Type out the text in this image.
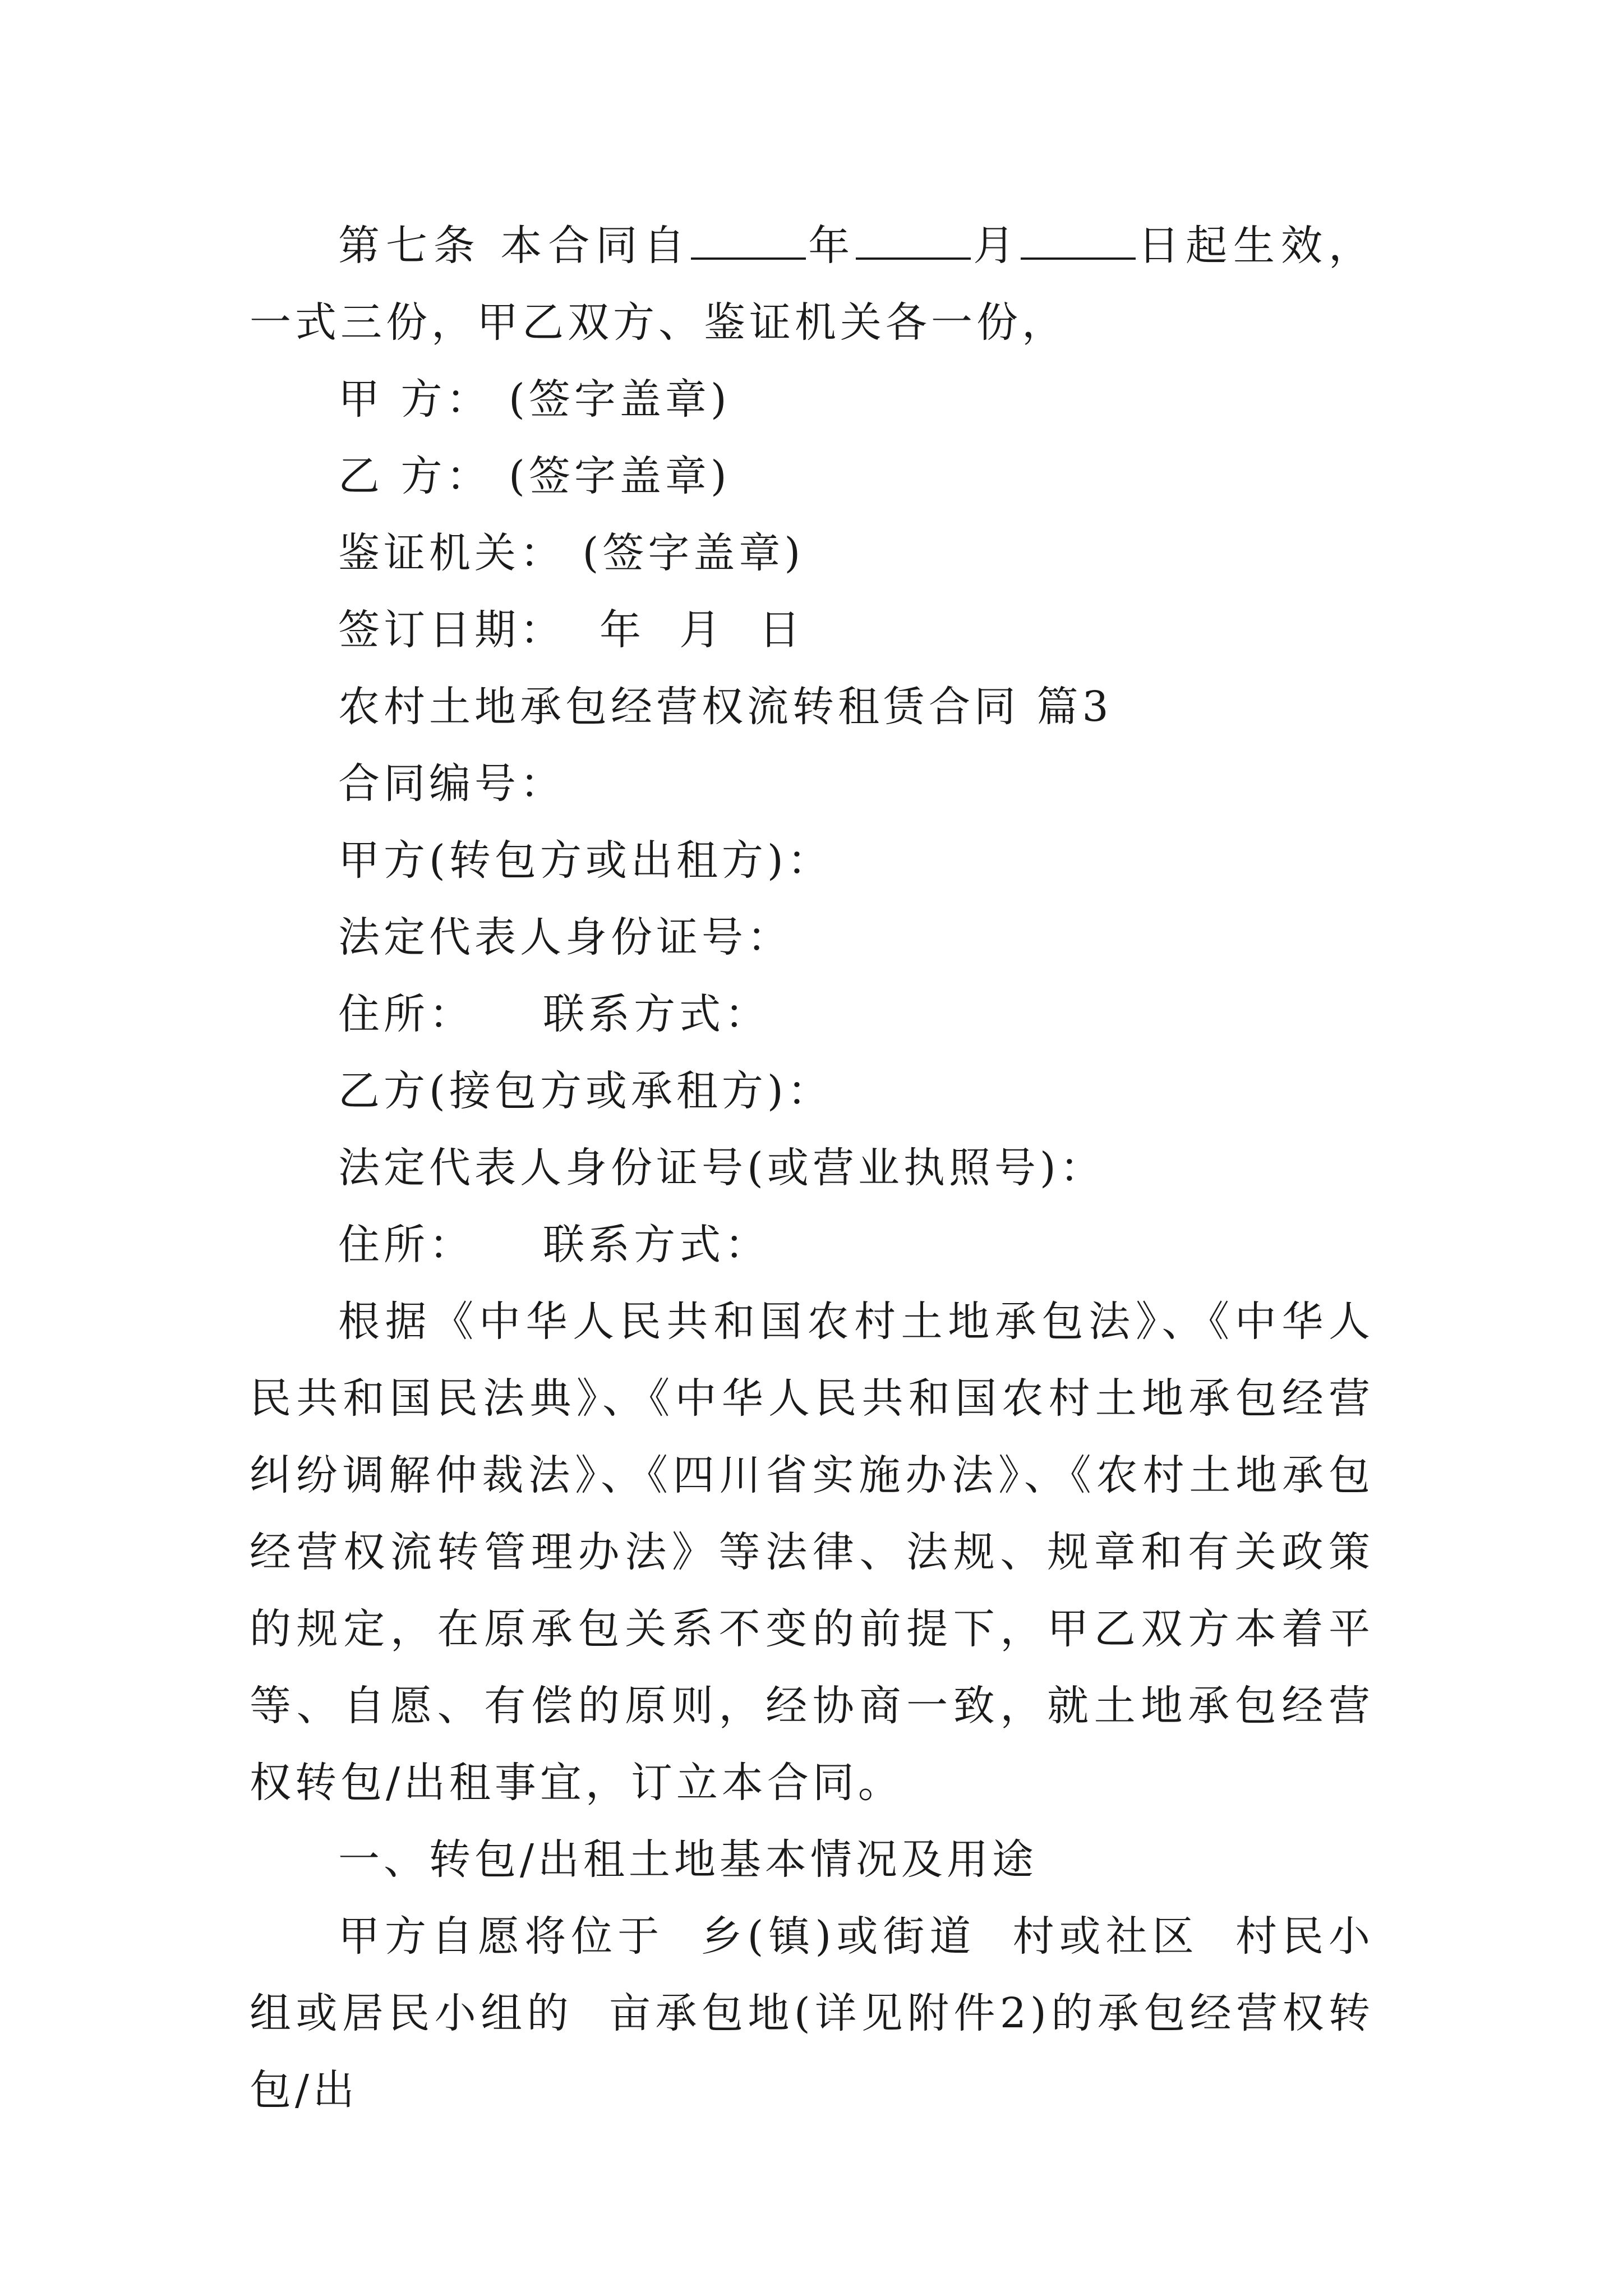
第七条 本合同自	年	月	日起生效，一式三份，甲乙双方、鉴证机关各一份，

甲 方： (签字盖章)

乙 方： (签字盖章)

鉴证机关： (签字盖章)

签订日期：  年  月  日

农村土地承包经营权流转租赁合同 篇3

合同编号：

甲方(转包方或出租方)：

法定代表人身份证号：

住所：    联系方式：

乙方(接包方或承租方)：

法定代表人身份证号(或营业执照号)：

住所：    联系方式：

根据《中华人民共和国农村土地承包法》、《中华人民共和国民法典》、《中华人民共和国农村土地承包经营纠纷调解仲裁法》、《四川省实施办法》、《农村土地承包经营权流转管理办法》等法律、法规、规章和有关政策的规定，在原承包关系不变的前提下，甲乙双方本着平等、自愿、有偿的原则，经协商一致，就土地承包经营权转包/出租事宜，订立本合同。

一、转包/出租土地基本情况及用途

甲方自愿将位于  乡(镇)或街道  村或社区  村民小组或居民小组的  亩承包地(详见附件2)的承包经营权转包/出
